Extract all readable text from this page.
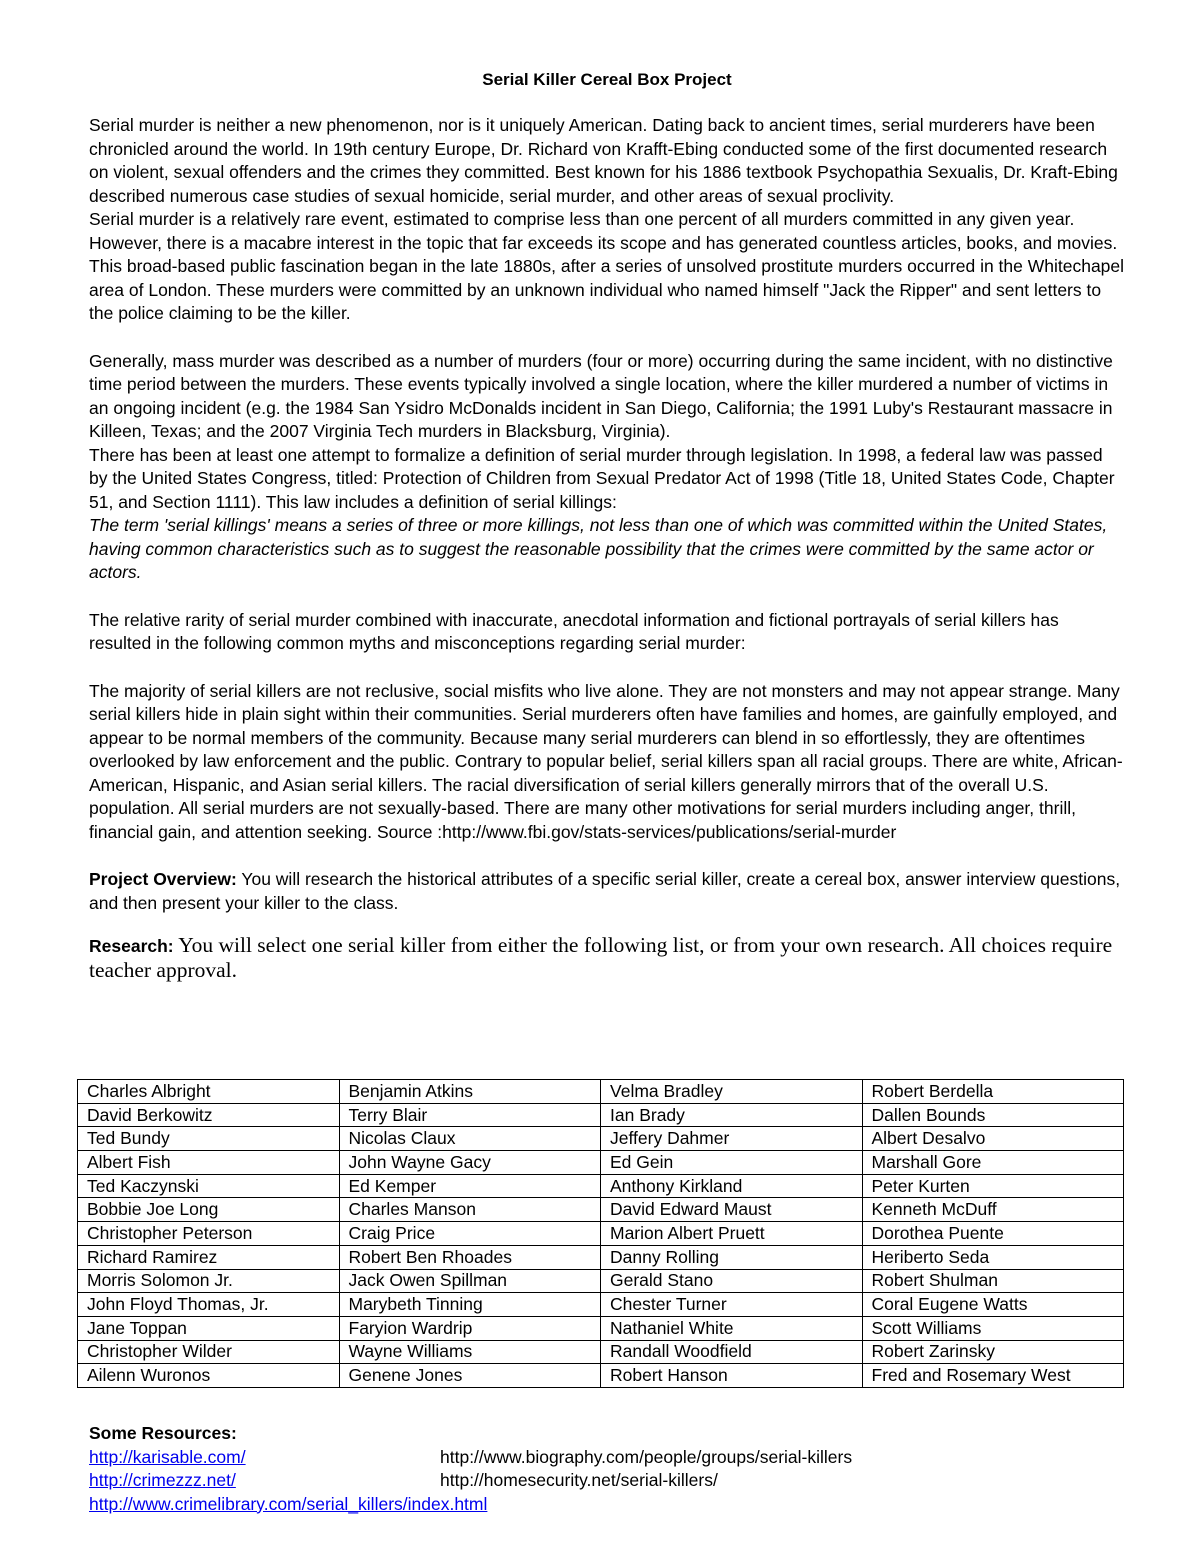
Serial Killer Cereal Box Project

Serial murder is neither a new phenomenon, nor is it uniquely American. Dating back to ancient times, serial murderers have been chronicled around the world. In 19th century Europe, Dr. Richard von Krafft-Ebing conducted some of the first documented research on violent, sexual offenders and the crimes they committed. Best known for his 1886 textbook Psychopathia Sexualis, Dr. Kraft-Ebing described numerous case studies of sexual homicide, serial murder, and other areas of sexual proclivity.

Serial murder is a relatively rare event, estimated to comprise less than one percent of all murders committed in any given year. However, there is a macabre interest in the topic that far exceeds its scope and has generated countless articles, books, and movies. This broad-based public fascination began in the late 1880s, after a series of unsolved prostitute murders occurred in the Whitechapel area of London. These murders were committed by an unknown individual who named himself "Jack the Ripper" and sent letters to the police claiming to be the killer.

Generally, mass murder was described as a number of murders (four or more) occurring during the same incident, with no distinctive time period between the murders. These events typically involved a single location, where the killer murdered a number of victims in an ongoing incident (e.g. the 1984 San Ysidro McDonalds incident in San Diego, California; the 1991 Luby's Restaurant massacre in Killeen, Texas; and the 2007 Virginia Tech murders in Blacksburg, Virginia).

There has been at least one attempt to formalize a definition of serial murder through legislation. In 1998, a federal law was passed by the United States Congress, titled: Protection of Children from Sexual Predator Act of 1998 (Title 18, United States Code, Chapter 51, and Section 1111). This law includes a definition of serial killings:

The term 'serial killings' means a series of three or more killings, not less than one of which was committed within the United States, having common characteristics such as to suggest the reasonable possibility that the crimes were committed by the same actor or actors.

The relative rarity of serial murder combined with inaccurate, anecdotal information and fictional portrayals of serial killers has resulted in the following common myths and misconceptions regarding serial murder:

The majority of serial killers are not reclusive, social misfits who live alone. They are not monsters and may not appear strange. Many serial killers hide in plain sight within their communities. Serial murderers often have families and homes, are gainfully employed, and appear to be normal members of the community. Because many serial murderers can blend in so effortlessly, they are oftentimes overlooked by law enforcement and the public. Contrary to popular belief, serial killers span all racial groups. There are white, African-American, Hispanic, and Asian serial killers. The racial diversification of serial killers generally mirrors that of the overall U.S. population. All serial murders are not sexually-based. There are many other motivations for serial murders including anger, thrill, financial gain, and attention seeking. Source :http://www.fbi.gov/stats-services/publications/serial-murder

Project Overview: You will research the historical attributes of a specific serial killer, create a cereal box, answer interview questions, and then present your killer to the class.

Research: You will select one serial killer from either the following list, or from your own research. All choices require teacher approval.

Charles Albright	Benjamin Atkins	Velma Bradley	Robert Berdella
David Berkowitz	Terry Blair	Ian Brady	Dallen Bounds
Ted Bundy	Nicolas Claux	Jeffery Dahmer	Albert Desalvo
Albert Fish	John Wayne Gacy	Ed Gein	Marshall Gore
Ted Kaczynski	Ed Kemper	Anthony Kirkland	Peter Kurten
Bobbie Joe Long	Charles Manson	David Edward Maust	Kenneth McDuff
Christopher Peterson	Craig Price	Marion Albert Pruett	Dorothea Puente
Richard Ramirez	Robert Ben Rhoades	Danny Rolling	Heriberto Seda
Morris Solomon Jr.	Jack Owen Spillman	Gerald Stano	Robert Shulman
John Floyd Thomas, Jr.	Marybeth Tinning	Chester Turner	Coral Eugene Watts
Jane Toppan	Faryion Wardrip	Nathaniel White	Scott Williams
Christopher Wilder	Wayne Williams	Randall Woodfield	Robert Zarinsky
Ailenn Wuronos	Genene Jones	Robert Hanson	Fred and Rosemary West
Some Resources:
http://karisable.com/	http://www.biography.com/people/groups/serial-killers
http://crimezzz.net/	http://homesecurity.net/serial-killers/
http://www.crimelibrary.com/serial_killers/index.html
